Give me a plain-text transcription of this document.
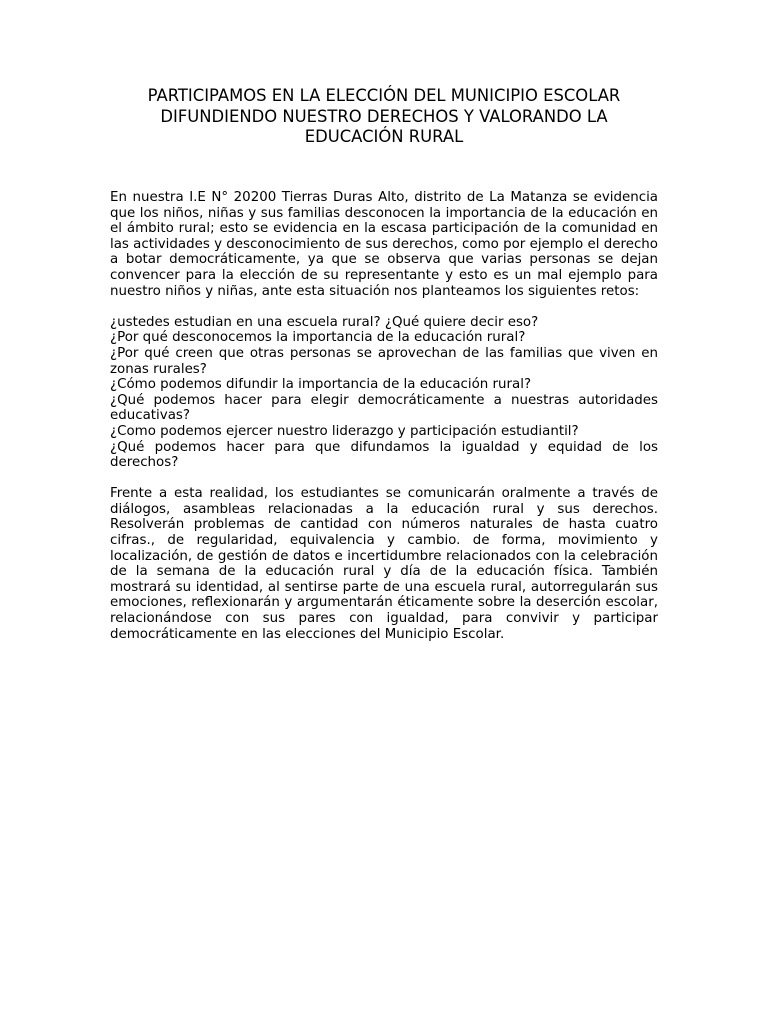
PARTICIPAMOS EN LA ELECCIÓN DEL MUNICIPIO ESCOLAR DIFUNDIENDO NUESTRO DERECHOS Y VALORANDO LA EDUCACIÓN RURAL

En nuestra I.E N° 20200 Tierras Duras Alto, distrito de La Matanza se evidencia que los niños, niñas y sus familias desconocen la importancia de la educación en el ámbito rural; esto se evidencia en la escasa participación de la comunidad en las actividades y desconocimiento de sus derechos, como por ejemplo el derecho a botar democráticamente, ya que se observa que varias personas se dejan convencer para la elección de su representante y esto es un mal ejemplo para nuestro niños y niñas, ante esta situación nos planteamos los siguientes retos:

¿ustedes estudian en una escuela rural? ¿Qué quiere decir eso?

¿Por qué desconocemos la importancia de la educación rural?

¿Por qué creen que otras personas se aprovechan de las familias que viven en zonas rurales?

¿Cómo podemos difundir la importancia de la educación rural?

¿Qué podemos hacer para elegir democráticamente a nuestras autoridades educativas?

¿Como podemos ejercer nuestro liderazgo y participación estudiantil?

¿Qué podemos hacer para que difundamos la igualdad y equidad de los derechos?

Frente a esta realidad, los estudiantes se comunicarán oralmente a través de diálogos, asambleas relacionadas a la educación rural y sus derechos. Resolverán problemas de cantidad con números naturales de hasta cuatro cifras., de regularidad, equivalencia y cambio. de forma, movimiento y localización, de gestión de datos e incertidumbre relacionados con la celebración de la semana de la educación rural y día de la educación física. También mostrará su identidad, al sentirse parte de una escuela rural, autorregularán sus emociones, reflexionarán y argumentarán éticamente sobre la deserción escolar, relacionándose con sus pares con igualdad, para convivir y participar democráticamente en las elecciones del Municipio Escolar.
